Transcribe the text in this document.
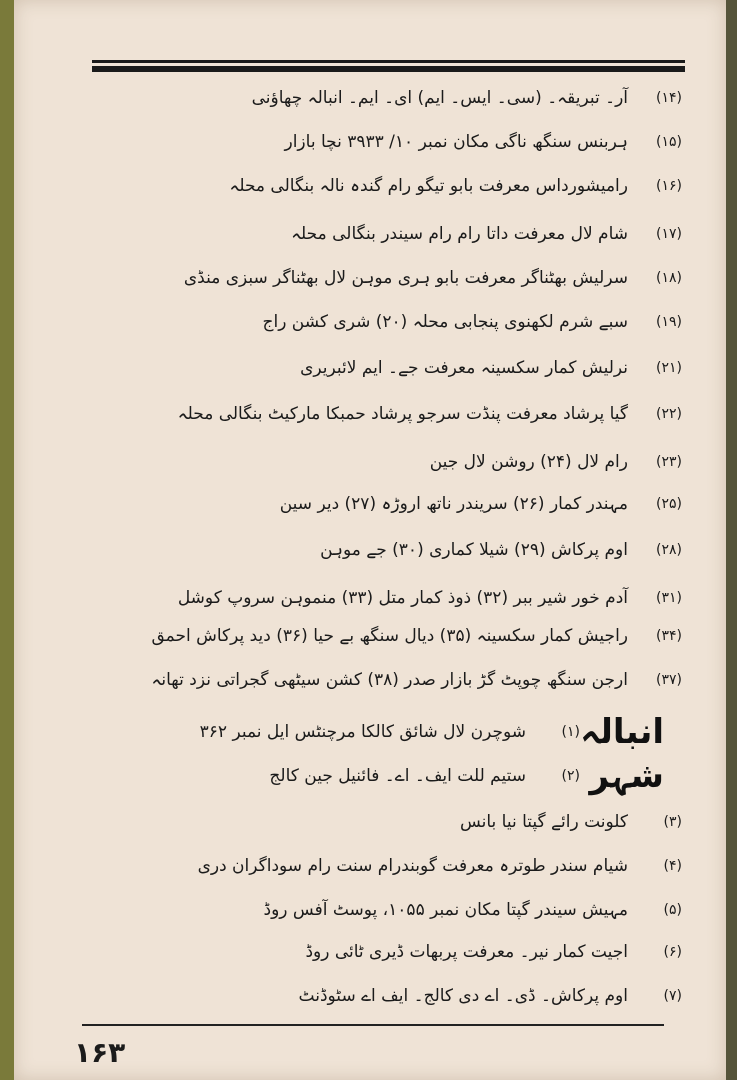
(۱۴)آر۔ تبریقہ۔ (سی۔ ایس۔ ایم) ای۔ ایم۔ انبالہ چھاؤنی
(۱۵)ہربنس سنگھ ناگی مکان نمبر ۱۰/ ۳۹۳۳ نچا بازار
(۱۶)رامیشورداس معرفت بابو تیگو رام گندہ نالہ بنگالی محلہ
(۱۷)شام لال معرفت داتا رام رام سیندر بنگالی محلہ
(۱۸)سرلیش بھٹناگر معرفت بابو ہری موہن لال بھٹناگر سبزی منڈی
(۱۹)سبے شرم لکھنوی پنجابی محلہ (۲۰) شری کشن راج
(۲۱)نرلیش کمار سکسینہ معرفت جے۔ ایم لائبریری
(۲۲)گیا پرشاد معرفت پنڈت سرجو پرشاد حمبکا مارکیٹ بنگالی محلہ
(۲۳)رام لال (۲۴) روشن لال جین
(۲۵)مہندر کمار (۲۶) سریندر ناتھ اروڑہ (۲۷) دیر سین
(۲۸)اوم پرکاش (۲۹) شیلا کماری (۳۰) جے موہن
(۳۱)آدم خور شیر ببر (۳۲) ذوذ کمار متل (۳۳) منموہن سروپ کوشل
(۳۴)راجیش کمار سکسینہ (۳۵) دیال سنگھ بے حیا (۳۶) دید پرکاش احمق
(۳۷)ارجن سنگھ چوپٹ گڑ بازار صدر (۳۸) کشن سیٹھی گجراتی نزد تھانہ
انبالہ شہر
(۱)شوچرن لال شائق کالکا مرچنٹس ایل نمبر ۳۶۲
(۲)ستیم للت ایف۔ اے۔ فائنیل جین کالج
(۳)کلونت رائے گپتا نیا بانس
(۴)شیام سندر طوترہ معرفت گوبندرام سنت رام سوداگران دری
(۵)مہیش سیندر گپتا مکان نمبر ۱۰۵۵، پوسٹ آفس روڈ
(۶)اجیت کمار نیر۔ معرفت پربھات ڈیری ٹائی روڈ
(۷)اوم پرکاش۔ ڈی۔ اے دی کالج۔ ایف اے سٹوڈنٹ
۱۶۳
